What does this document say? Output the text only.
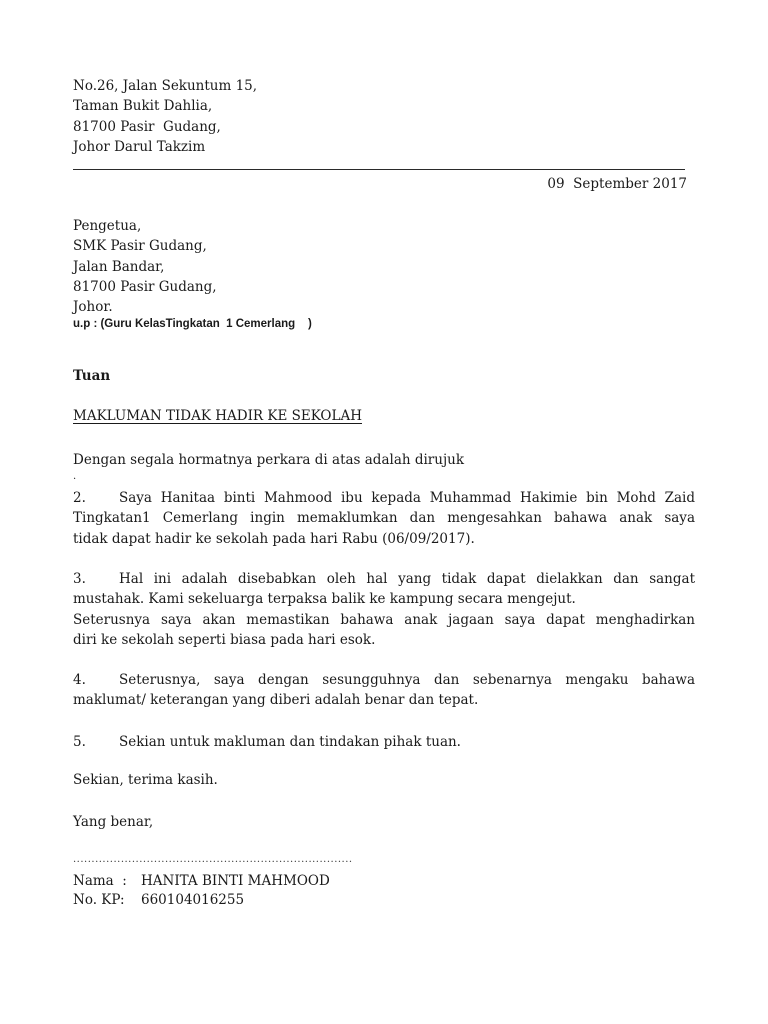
No.26, Jalan Sekuntum 15,
Taman Bukit Dahlia,
81700 Pasir  Gudang,
Johor Darul Takzim
09  September 2017
Pengetua,
SMK Pasir Gudang,
Jalan Bandar,
81700 Pasir Gudang,
Johor.
u.p : (Guru KelasTingkatan  1 Cemerlang    )
Tuan
MAKLUMAN TIDAK HADIR KE SEKOLAH
Dengan segala hormatnya perkara di atas adalah dirujuk
.
2. Saya Hanitaa binti Mahmood ibu kepada Muhammad Hakimie bin Mohd Zaid
Tingkatan1 Cemerlang ingin memaklumkan dan mengesahkan bahawa anak saya
tidak dapat hadir ke sekolah pada hari Rabu (06/09/2017).
3. Hal ini adalah disebabkan oleh hal yang tidak dapat dielakkan dan sangat
mustahak. Kami sekeluarga terpaksa balik ke kampung secara mengejut.
Seterusnya saya akan memastikan bahawa anak jagaan saya dapat menghadirkan
diri ke sekolah seperti biasa pada hari esok.
4. Seterusnya, saya dengan sesungguhnya dan sebenarnya mengaku bahawa
maklumat/ keterangan yang diberi adalah benar dan tepat.
5. Sekian untuk makluman dan tindakan pihak tuan.
Sekian, terima kasih.
Yang benar,
............................................................................
Nama  : HANITA BINTI MAHMOOD
No. KP: 660104016255
